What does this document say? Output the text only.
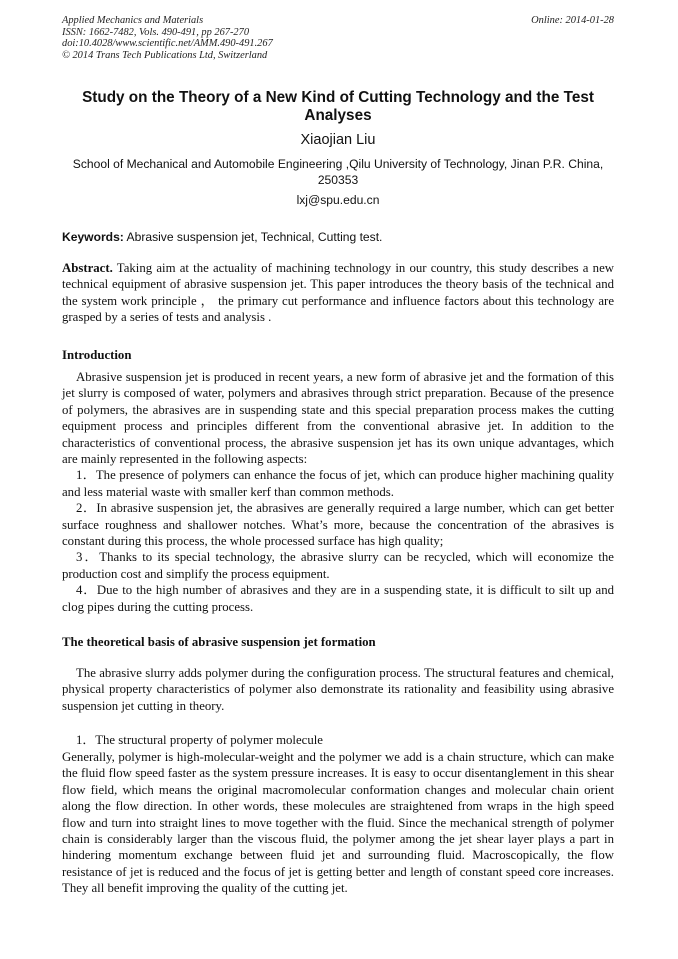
Applied Mechanics and Materials
ISSN: 1662-7482, Vols. 490-491, pp 267-270
doi:10.4028/www.scientific.net/AMM.490-491.267
© 2014 Trans Tech Publications Ltd, Switzerland
Online: 2014-01-28
Study on the Theory of a New Kind of Cutting Technology and the Test Analyses
Xiaojian Liu
School of Mechanical and Automobile Engineering ,Qilu University of Technology, Jinan P.R. China, 250353
lxj@spu.edu.cn
Keywords: Abrasive suspension jet, Technical, Cutting test.
Abstract. Taking aim at the actuality of machining technology in our country, this study describes a new technical equipment of abrasive suspension jet. This paper introduces the theory basis of the technical and the system work principle ， the primary cut performance and influence factors about this technology are grasped by a series of tests and analysis .
Introduction

Abrasive suspension jet is produced in recent years, a new form of abrasive jet and the formation of this jet slurry is composed of water, polymers and abrasives through strict preparation. Because of the presence of polymers, the abrasives are in suspending state and this special preparation process makes the cutting equipment process and principles different from the conventional abrasive jet. In addition to the characteristics of conventional process, the abrasive suspension jet has its own unique advantages, which are mainly represented in the following aspects:

1．The presence of polymers can enhance the focus of jet, which can produce higher machining quality and less material waste with smaller kerf than common methods.

2．In abrasive suspension jet, the abrasives are generally required a large number, which can get better surface roughness and shallower notches. What’s more, because the concentration of the abrasives is constant during this process, the whole processed surface has high quality;

3．Thanks to its special technology, the abrasive slurry can be recycled, which will economize the production cost and simplify the process equipment.

4．Due to the high number of abrasives and they are in a suspending state, it is difficult to silt up and clog pipes during the cutting process.

The theoretical basis of abrasive suspension jet formation

The abrasive slurry adds polymer during the configuration process. The structural features and chemical, physical property characteristics of polymer also demonstrate its rationality and feasibility using abrasive suspension jet cutting in theory.

1．The structural property of polymer molecule

Generally, polymer is high-molecular-weight and the polymer we add is a chain structure, which can make the fluid flow speed faster as the system pressure increases. It is easy to occur disentanglement in this shear flow field, which means the original macromolecular conformation changes and molecular chain orient along the flow direction. In other words, these molecules are straightened from wraps in the high speed flow and turn into straight lines to move together with the fluid. Since the mechanical strength of polymer chain is considerably larger than the viscous fluid, the polymer among the jet shear layer plays a part in hindering momentum exchange between fluid jet and surrounding fluid. Macroscopically, the flow resistance of jet is reduced and the focus of jet is getting better and length of constant speed core increases. They all benefit improving the quality of the cutting jet.
